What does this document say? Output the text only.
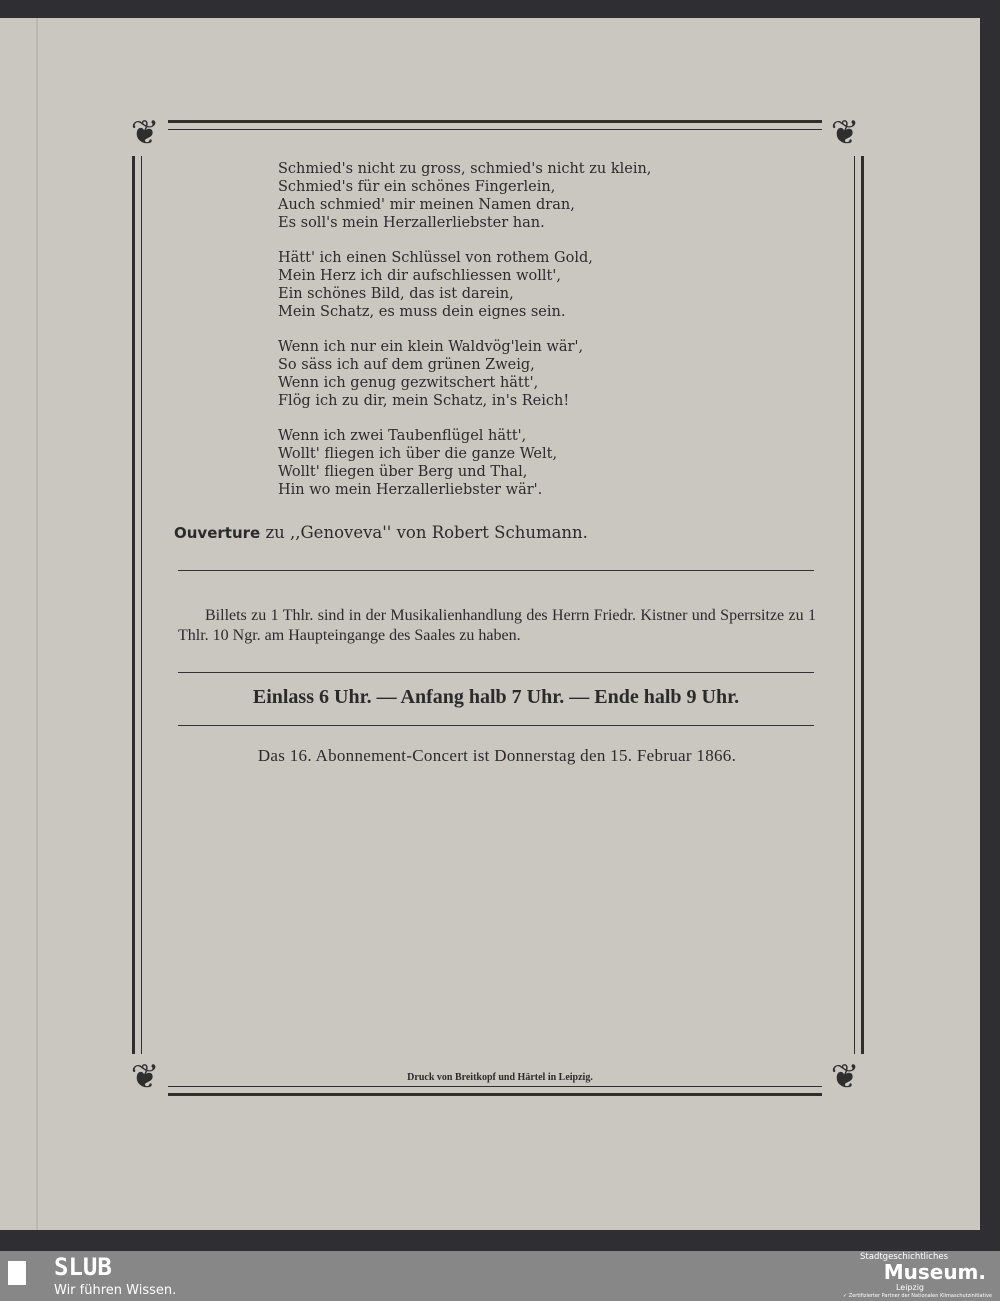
❦	❦
❦	❦
Schmied's nicht zu gross, schmied's nicht zu klein,
Schmied's für ein schönes Fingerlein,
Auch schmied' mir meinen Namen dran,
Es soll's mein Herzallerliebster han.
Hätt' ich einen Schlüssel von rothem Gold,
Mein Herz ich dir aufschliessen wollt',
Ein schönes Bild, das ist darein,
Mein Schatz, es muss dein eignes sein.
Wenn ich nur ein klein Waldvög'lein wär',
So säss ich auf dem grünen Zweig,
Wenn ich genug gezwitschert hätt',
Flög ich zu dir, mein Schatz, in's Reich!
Wenn ich zwei Taubenflügel hätt',
Wollt' fliegen ich über die ganze Welt,
Wollt' fliegen über Berg und Thal,
Hin wo mein Herzallerliebster wär'.
Ouverture zu ,,Genoveva'' von Robert Schumann.
Billets zu 1 Thlr. sind in der Musikalienhandlung des Herrn Friedr. Kistner und Sperrsitze zu 1 Thlr. 10 Ngr. am Haupteingange des Saales zu haben.
Einlass 6 Uhr. — Anfang halb 7 Uhr. — Ende halb 9 Uhr.
Das 16. Abonnement-Concert ist Donnerstag den 15. Februar 1866.
Druck von Breitkopf und Härtel in Leipzig.
SLUB
Wir führen Wissen.
Stadtgeschichtliches
Museum.
Leipzig
✓ Zertifizierter Partner der Nationalen Klimaschutzinitiative
